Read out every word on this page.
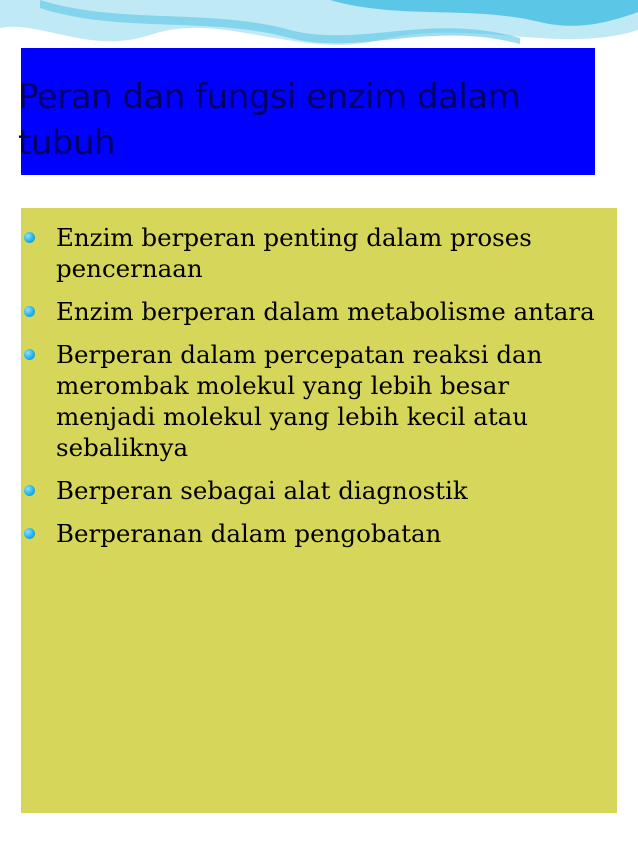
Peran dan fungsi enzim dalam tubuh
Enzim berperan penting dalam proses pencernaan
Enzim berperan dalam metabolisme antara
Berperan dalam percepatan reaksi dan merombak molekul yang lebih besar menjadi molekul yang lebih kecil atau sebaliknya
Berperan sebagai alat diagnostik
Berperanan dalam pengobatan
